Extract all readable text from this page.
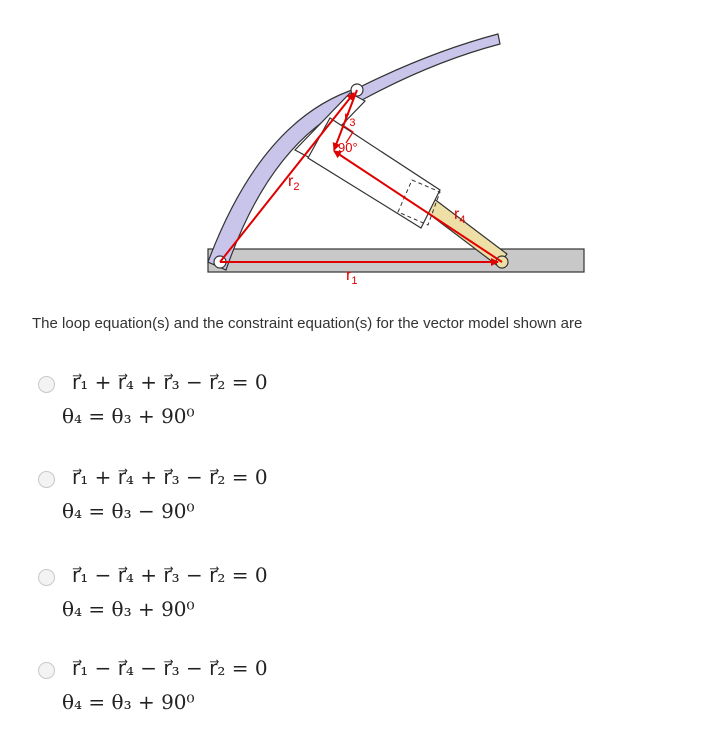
$r_1$
$r_2$
$r_3$
$r_4$
90°
The loop equation(s) and the constraint equation(s) for the vector model shown are
r⃗₁ + r⃗₄ + r⃗₃ − r⃗₂ = 0
θ₄ = θ₃ + 90⁰
r⃗₁ + r⃗₄ + r⃗₃ − r⃗₂ = 0
θ₄ = θ₃ − 90⁰
r⃗₁ − r⃗₄ + r⃗₃ − r⃗₂ = 0
θ₄ = θ₃ + 90⁰
r⃗₁ − r⃗₄ − r⃗₃ − r⃗₂ = 0
θ₄ = θ₃ + 90⁰
